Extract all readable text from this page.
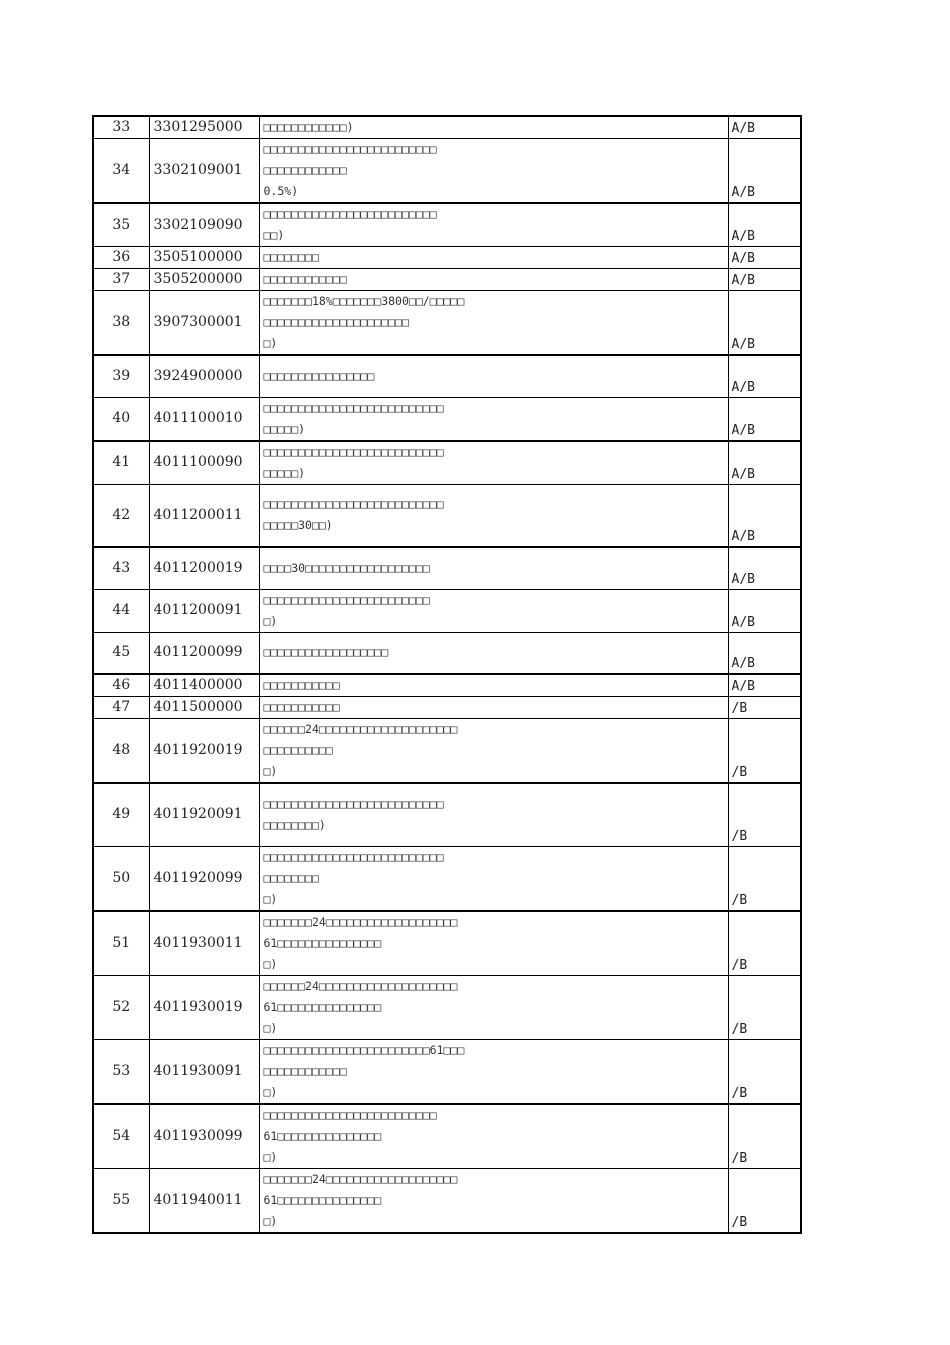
33	3301295000	□□□□□□□□□□□□)	A/B
34	3302109001	□□□□□□□□□□□□□□□□□□□□□□□□□
□□□□□□□□□□□□
0.5%)	A/B
35	3302109090	□□□□□□□□□□□□□□□□□□□□□□□□□
□□)	A/B
36	3505100000	□□□□□□□□	A/B
37	3505200000	□□□□□□□□□□□□	A/B
38	3907300001	□□□□□□□18%□□□□□□□3800□□/□□□□□
□□□□□□□□□□□□□□□□□□□□□
□)	A/B
39	3924900000	□□□□□□□□□□□□□□□□	A/B
40	4011100010	□□□□□□□□□□□□□□□□□□□□□□□□□□
□□□□□)	A/B
41	4011100090	□□□□□□□□□□□□□□□□□□□□□□□□□□
□□□□□)	A/B
42	4011200011	□□□□□□□□□□□□□□□□□□□□□□□□□□
□□□□□30□□)	A/B
43	4011200019	□□□□30□□□□□□□□□□□□□□□□□□	A/B
44	4011200091	□□□□□□□□□□□□□□□□□□□□□□□□
□)	A/B
45	4011200099	□□□□□□□□□□□□□□□□□□	A/B
46	4011400000	□□□□□□□□□□□	A/B
47	4011500000	□□□□□□□□□□□	/B
48	4011920019	□□□□□□24□□□□□□□□□□□□□□□□□□□□
□□□□□□□□□□
□)	/B
49	4011920091	□□□□□□□□□□□□□□□□□□□□□□□□□□
□□□□□□□□)	/B
50	4011920099	□□□□□□□□□□□□□□□□□□□□□□□□□□
□□□□□□□□
□)	/B
51	4011930011	□□□□□□□24□□□□□□□□□□□□□□□□□□□
61□□□□□□□□□□□□□□□
□)	/B
52	4011930019	□□□□□□24□□□□□□□□□□□□□□□□□□□□
61□□□□□□□□□□□□□□□
□)	/B
53	4011930091	□□□□□□□□□□□□□□□□□□□□□□□□61□□□
□□□□□□□□□□□□
□)	/B
54	4011930099	□□□□□□□□□□□□□□□□□□□□□□□□□
61□□□□□□□□□□□□□□□
□)	/B
55	4011940011	□□□□□□□24□□□□□□□□□□□□□□□□□□□
61□□□□□□□□□□□□□□□
□)	/B
